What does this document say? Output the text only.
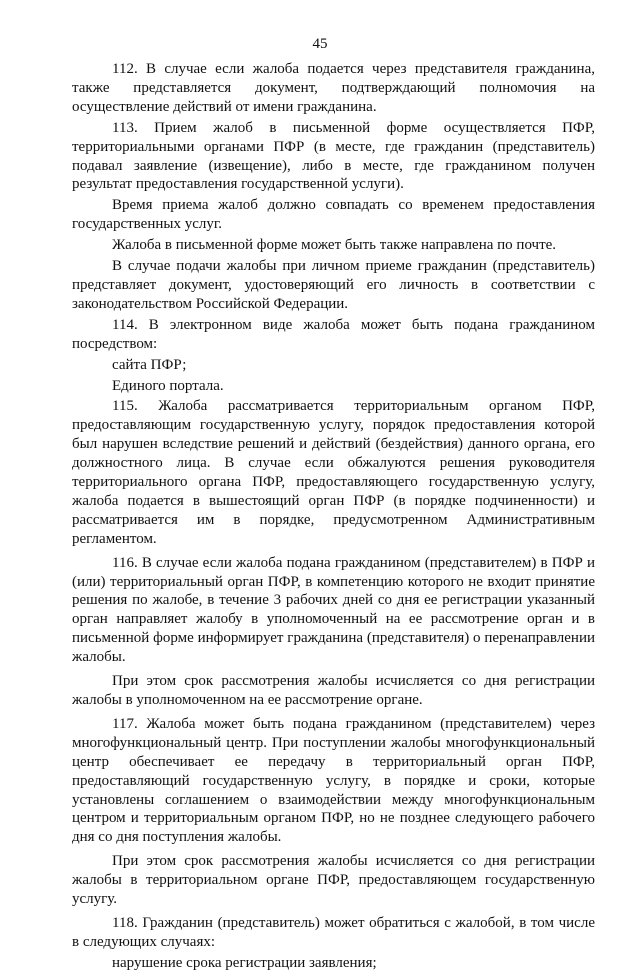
45

112. В случае если жалоба подается через представителя гражданина, также представляется документ, подтверждающий полномочия на осуществление действий от имени гражданина.

113. Прием жалоб в письменной форме осуществляется ПФР, территориальными органами ПФР (в месте, где гражданин (представитель) подавал заявление (извещение), либо в месте, где гражданином получен результат предоставления государственной услуги).

Время приема жалоб должно совпадать со временем предоставления государственных услуг.

Жалоба в письменной форме может быть также направлена по почте.

В случае подачи жалобы при личном приеме гражданин (представитель) представляет документ, удостоверяющий его личность в соответствии с законодательством Российской Федерации.

114. В электронном виде жалоба может быть подана гражданином посредством:

сайта ПФР;

Единого портала.

115. Жалоба рассматривается территориальным органом ПФР, предоставляющим государственную услугу, порядок предоставления которой был нарушен вследствие решений и действий (бездействия) данного органа, его должностного лица. В случае если обжалуются решения руководителя территориального органа ПФР, предоставляющего государственную услугу, жалоба подается в вышестоящий орган ПФР (в порядке подчиненности) и рассматривается им в порядке, предусмотренном Административным регламентом.

116. В случае если жалоба подана гражданином (представителем) в ПФР и (или) территориальный орган ПФР, в компетенцию которого не входит принятие решения по жалобе, в течение 3 рабочих дней со дня ее регистрации указанный орган направляет жалобу в уполномоченный на ее рассмотрение орган и в письменной форме информирует гражданина (представителя) о перенаправлении жалобы.

При этом срок рассмотрения жалобы исчисляется со дня регистрации жалобы в уполномоченном на ее рассмотрение органе.

117. Жалоба может быть подана гражданином (представителем) через многофункциональный центр. При поступлении жалобы многофункциональный центр обеспечивает ее передачу в территориальный орган ПФР, предоставляющий государственную услугу, в порядке и сроки, которые установлены соглашением о взаимодействии между многофункциональным центром и территориальным органом ПФР, но не позднее следующего рабочего дня со дня поступления жалобы.

При этом срок рассмотрения жалобы исчисляется со дня регистрации жалобы в территориальном органе ПФР, предоставляющем государственную услугу.

118. Гражданин (представитель) может обратиться с жалобой, в том числе в следующих случаях:

нарушение срока регистрации заявления;
